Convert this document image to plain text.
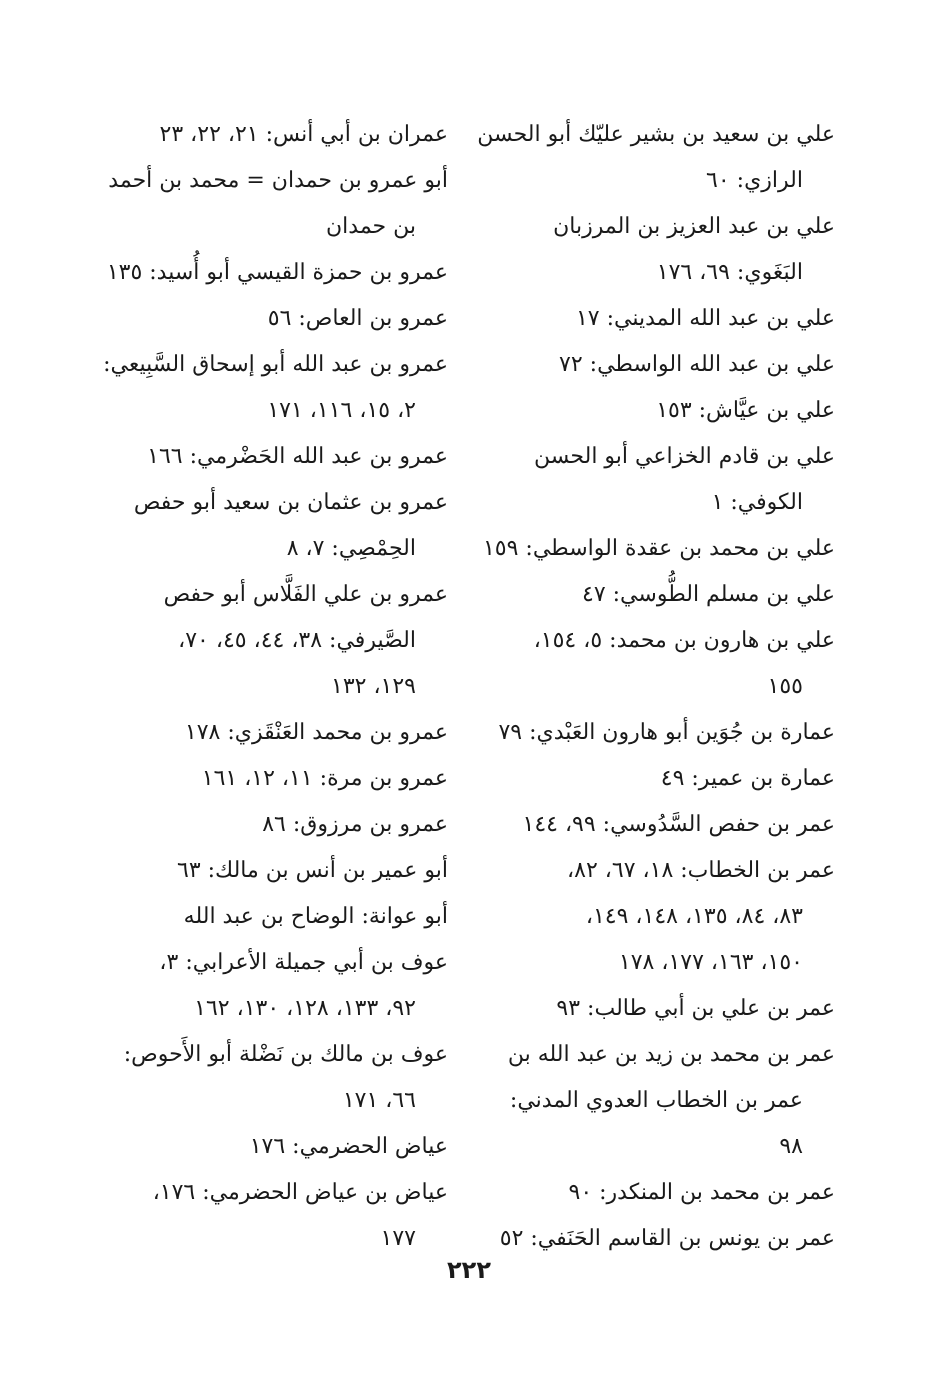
علي بن سعيد بن بشير عليّك أبو الحسن
الرازي: ٦٠
علي بن عبد العزيز بن المرزبان
البَغَوي: ٦٩، ١٧٦
علي بن عبد الله المديني: ١٧
علي بن عبد الله الواسطي: ٧٢
علي بن عيَّاش: ١٥٣
علي بن قادم الخزاعي أبو الحسن
الكوفي: ١
علي بن محمد بن عقدة الواسطي: ١٥٩
علي بن مسلم الطُّوسي: ٤٧
علي بن هارون بن محمد: ٥، ١٥٤،
١٥٥
عمارة بن جُوَين أبو هارون العَبْدي: ٧٩
عمارة بن عمير: ٤٩
عمر بن حفص السَّدُوسي: ٩٩، ١٤٤
عمر بن الخطاب: ١٨، ٦٧، ٨٢،
٨٣، ٨٤، ١٣٥، ١٤٨، ١٤٩،
١٥٠، ١٦٣، ١٧٧، ١٧٨
عمر بن علي بن أبي طالب: ٩٣
عمر بن محمد بن زيد بن عبد الله بن
عمر بن الخطاب العدوي المدني:
٩٨
عمر بن محمد بن المنكدر: ٩٠
عمر بن يونس بن القاسم الحَنَفي: ٥٢
عمران بن أبي أنس: ٢١، ٢٢، ٢٣
أبو عمرو بن حمدان = محمد بن أحمد
بن حمدان
عمرو بن حمزة القيسي أبو أُسيد: ١٣٥
عمرو بن العاص: ٥٦
عمرو بن عبد الله أبو إسحاق السَّبِيعي:
٢، ١٥، ١١٦، ١٧١
عمرو بن عبد الله الحَضْرمي: ١٦٦
عمرو بن عثمان بن سعيد أبو حفص
الحِمْصِي: ٧، ٨
عمرو بن علي الفَلَّاس أبو حفص
الصَّيرفي: ٣٨، ٤٤، ٤٥، ٧٠،
١٢٩، ١٣٢
عمرو بن محمد العَنْقَزي: ١٧٨
عمرو بن مرة: ١١، ١٢، ١٦١
عمرو بن مرزوق: ٨٦
أبو عمير بن أنس بن مالك: ٦٣
أبو عوانة: الوضاح بن عبد الله
عوف بن أبي جميلة الأعرابي: ٣،
٩٢، ١٣٣، ١٢٨، ١٣٠، ١٦٢
عوف بن مالك بن نَضْلة أبو الأَحوص:
٦٦، ١٧١
عياض الحضرمي: ١٧٦
عياض بن عياض الحضرمي: ١٧٦،
١٧٧
٢٢٢
